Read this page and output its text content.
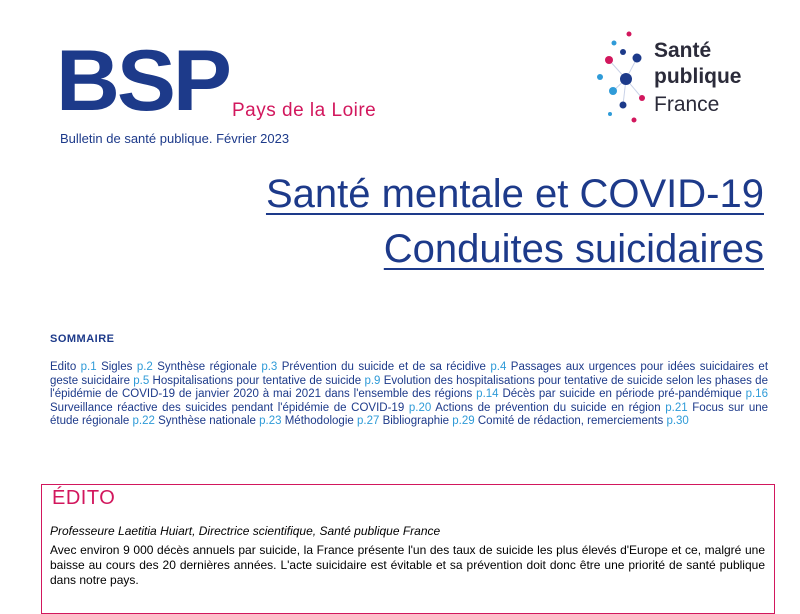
BSP Pays de la Loire
Bulletin de santé publique. Février 2023
Santé
publique
France
Santé mentale et COVID-19
Conduites suicidaires
SOMMAIRE
Edito p.1 Sigles p.2 Synthèse régionale p.3 Prévention du suicide et de sa récidive p.4 Passages aux urgences pour idées suicidaires et geste suicidaire p.5 Hospitalisations pour tentative de suicide p.9 Evolution des hospitalisations pour tentative de suicide selon les phases de l'épidémie de COVID-19 de janvier 2020 à mai 2021 dans l'ensemble des régions p.14 Décès par suicide en période pré-pandémique p.16 Surveillance réactive des suicides pendant l'épidémie de COVID-19 p.20 Actions de prévention du suicide en région p.21 Focus sur une étude régionale p.22 Synthèse nationale p.23 Méthodologie p.27 Bibliographie p.29 Comité de rédaction, remerciements p.30
ÉDITO
Professeure Laetitia Huiart, Directrice scientifique, Santé publique France
Avec environ 9 000 décès annuels par suicide, la France présente l'un des taux de suicide les plus élevés d'Europe et ce, malgré une baisse au cours des 20 dernières années. L'acte suicidaire est évitable et sa prévention doit donc être une priorité de santé publique dans notre pays.
